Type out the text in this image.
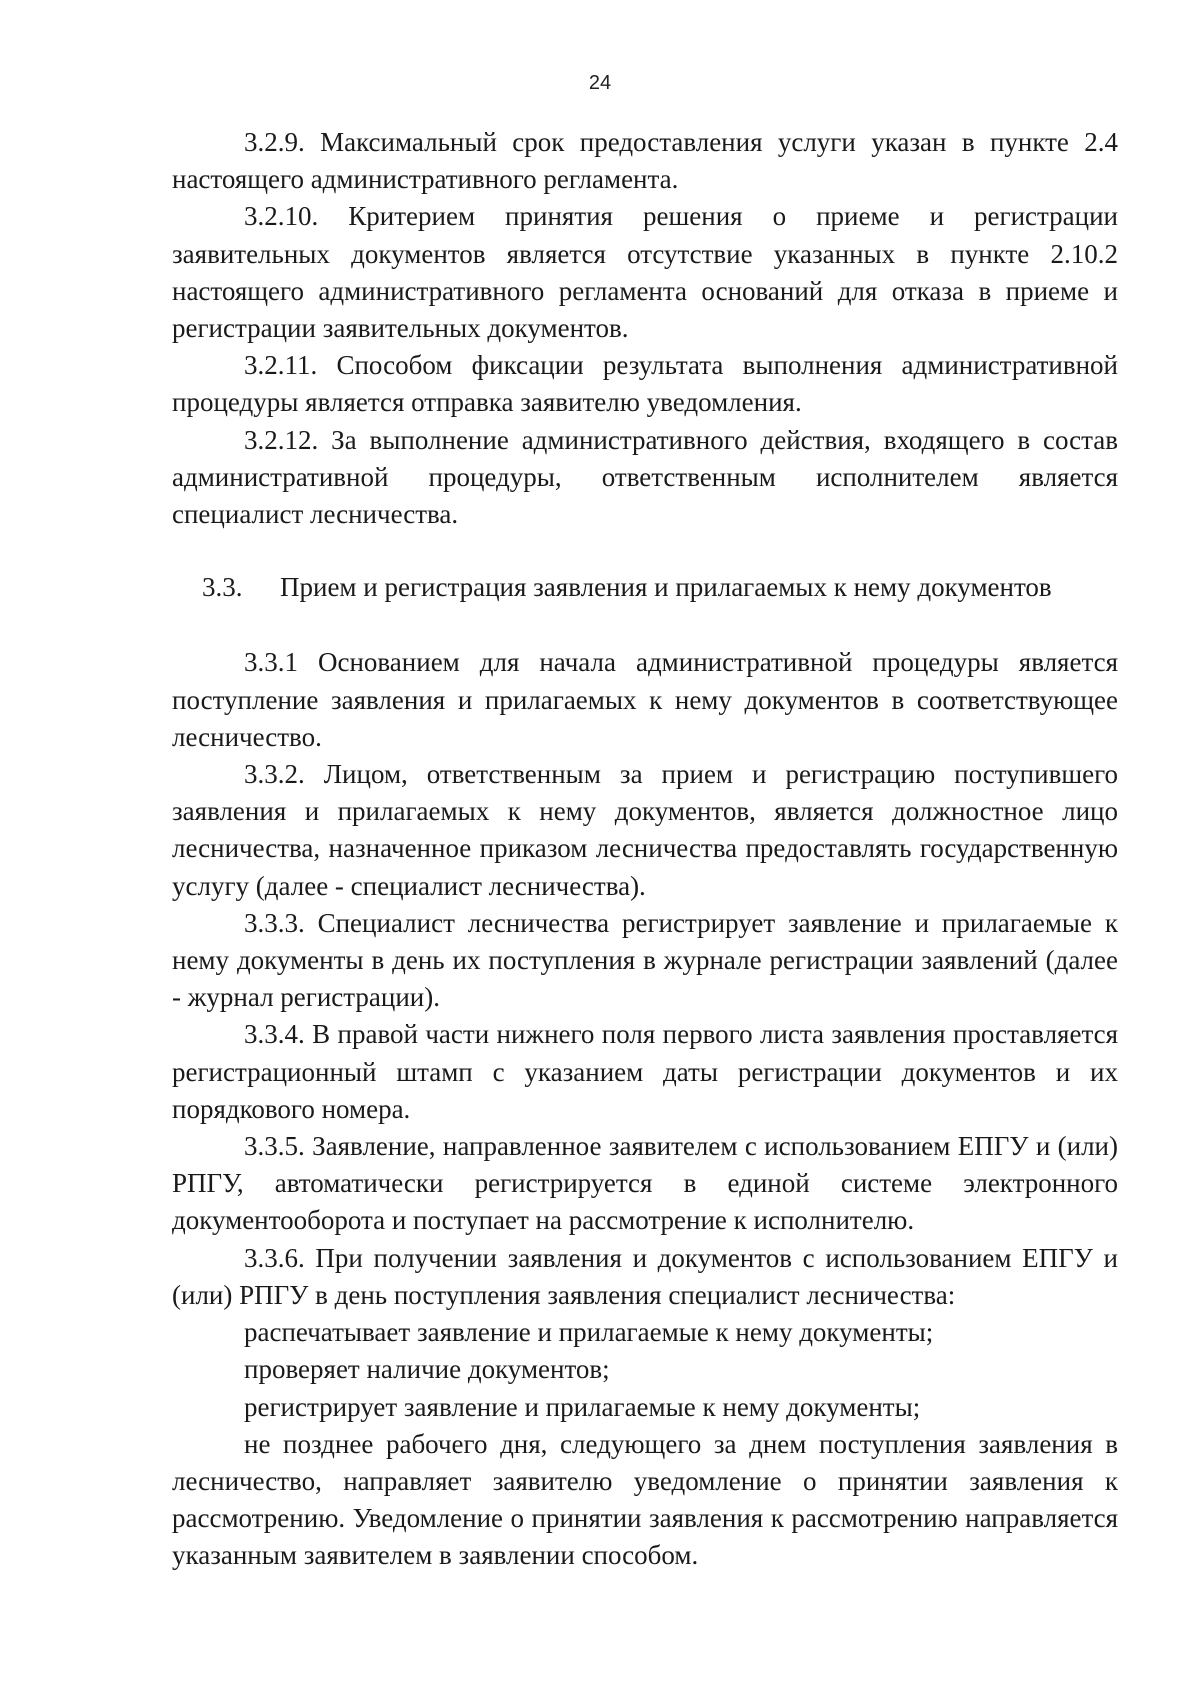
24

3.2.9. Максимальный срок предоставления услуги указан в пункте 2.4 настоящего административного регламента.

3.2.10. Критерием принятия решения о приеме и регистрации заявительных документов является отсутствие указанных в пункте 2.10.2 настоящего административного регламента оснований для отказа в приеме и регистрации заявительных документов.

3.2.11. Способом фиксации результата выполнения административной процедуры является отправка заявителю уведомления.

3.2.12. За выполнение административного действия, входящего в состав административной процедуры, ответственным исполнителем является специалист лесничества.

3.3. Прием и регистрация заявления и прилагаемых к нему документов

3.3.1 Основанием для начала административной процедуры является поступление заявления и прилагаемых к нему документов в соответствующее лесничество.

3.3.2. Лицом, ответственным за прием и регистрацию поступившего заявления и прилагаемых к нему документов, является должностное лицо лесничества, назначенное приказом лесничества предоставлять государственную услугу (далее - специалист лесничества).

3.3.3. Специалист лесничества регистрирует заявление и прилагаемые к нему документы в день их поступления в журнале регистрации заявлений (далее - журнал регистрации).

3.3.4. В правой части нижнего поля первого листа заявления проставляется регистрационный штамп с указанием даты регистрации документов и их порядкового номера.

3.3.5. Заявление, направленное заявителем с использованием ЕПГУ и (или) РПГУ, автоматически регистрируется в единой системе электронного документооборота и поступает на рассмотрение к исполнителю.

3.3.6. При получении заявления и документов с использованием ЕПГУ и (или) РПГУ в день поступления заявления специалист лесничества:

распечатывает заявление и прилагаемые к нему документы;

проверяет наличие документов;

регистрирует заявление и прилагаемые к нему документы;

не позднее рабочего дня, следующего за днем поступления заявления в лесничество, направляет заявителю уведомление о принятии заявления к рассмотрению. Уведомление о принятии заявления к рассмотрению направляется указанным заявителем в заявлении способом.
